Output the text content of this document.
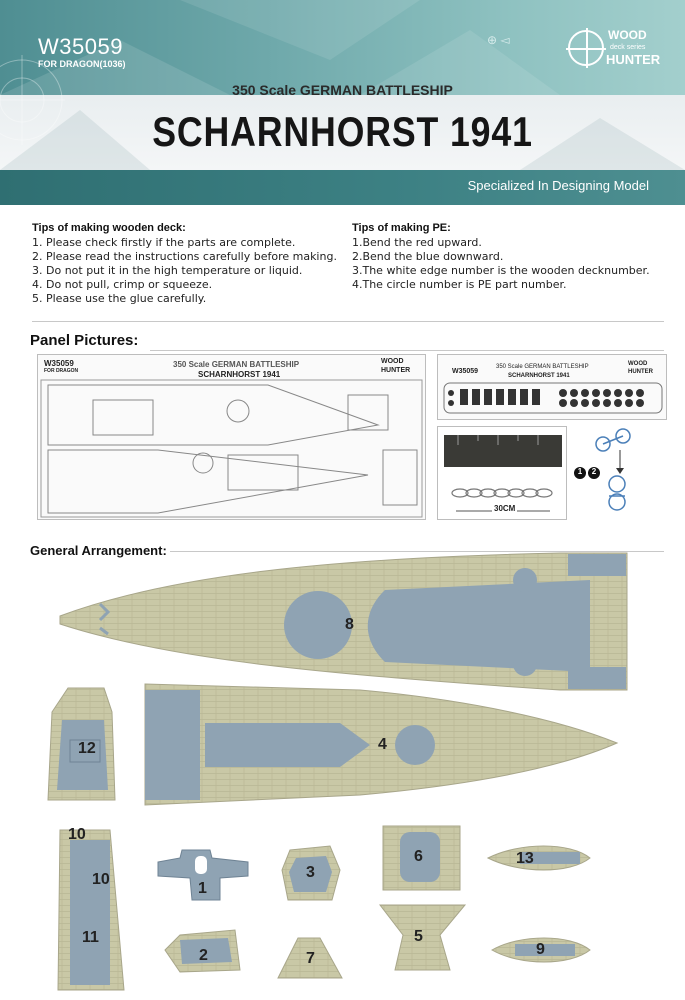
W35059
FOR DRAGON(1036)
⊕ ◅	WOOD
deck series
HUNTER
350 Scale GERMAN BATTLESHIP
SCHARNHORST 1941
Specialized In Designing Model
Tips of making wooden deck:
1. Please check firstly if the parts are complete.
2. Please read the instructions carefully before making.
3. Do not put it in the high temperature or liquid.
4. Do not pull, crimp or squeeze.
5. Please use the glue carefully.
Tips of making PE:
1.Bend the red upward.
2.Bend the blue downward.
3.The white edge number is the wooden decknumber.
4.The circle number is PE part number.
Panel Pictures:
W35059
FOR DRAGON
350 Scale GERMAN BATTLESHIP
SCHARNHORST 1941
WOOD
HUNTER	W35059
350 Scale GERMAN BATTLESHIP
SCHARNHORST 1941
WOOD
HUNTER
30CM
1 2
General Arrangement:
8
4
12
10
10
11
1
2
3
7
6
5
13
9
